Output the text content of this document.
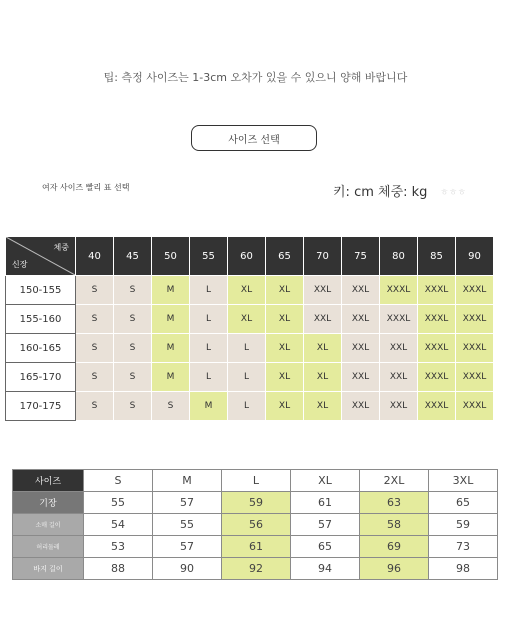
팁: 측정 사이즈는 1-3cm 오차가 있을 수 있으니 양해 바랍니다
사이즈 선택
여자 사이즈 빨리 표 선택	키: cm 체중: kg ㅎㅎㅎ
체중
신장	40	45	50	55	60	65	70	75	80	85	90
150-155	S	S	M	L	XL	XL	XXL	XXL	XXXL	XXXL	XXXL
155-160	S	S	M	L	XL	XL	XXL	XXL	XXXL	XXXL	XXXL
160-165	S	S	M	L	L	XL	XL	XXL	XXL	XXXL	XXXL
165-170	S	S	M	L	L	XL	XL	XXL	XXL	XXXL	XXXL
170-175	S	S	S	M	L	XL	XL	XXL	XXL	XXXL	XXXL
사이즈	S	M	L	XL	2XL	3XL
기장	55	57	59	61	63	65
소매 길이	54	55	56	57	58	59
허리둘레	53	57	61	65	69	73
바지 길이	88	90	92	94	96	98
